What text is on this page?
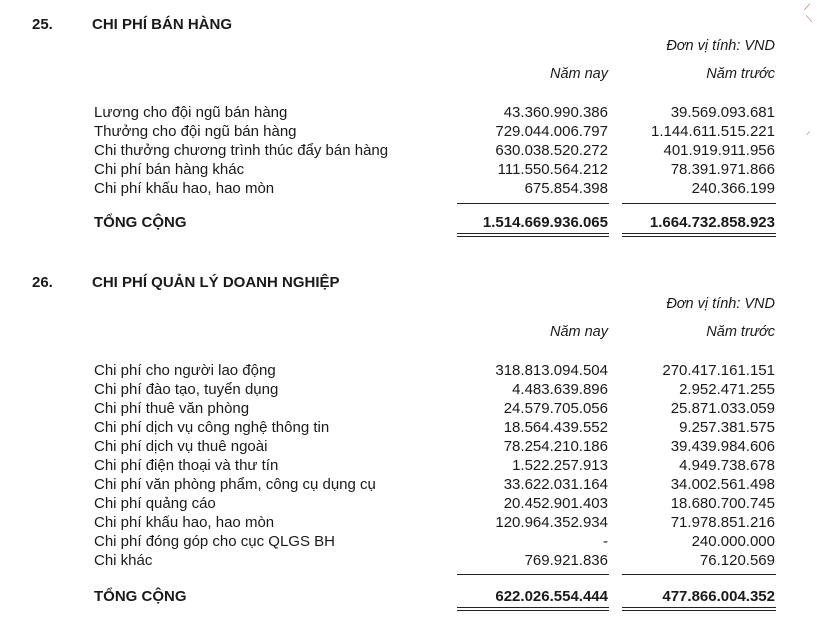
25.	CHI PHÍ BÁN HÀNG
Đơn vị tính: VND
Năm nay	Năm trước
Lương cho đội ngũ bán hàng	43.360.990.386	39.569.093.681
Thưởng cho đội ngũ bán hàng	729.044.006.797	1.144.611.515.221
Chi thưởng chương trình thúc đẩy bán hàng	630.038.520.272	401.919.911.956
Chi phí bán hàng khác	111.550.564.212	78.391.971.866
Chi phí khấu hao, hao mòn	675.854.398	240.366.199
TỔNG CỘNG	1.514.669.936.065	1.664.732.858.923
26.	CHI PHÍ QUẢN LÝ DOANH NGHIỆP
Đơn vị tính: VND
Năm nay	Năm trước
Chi phí cho người lao động	318.813.094.504	270.417.161.151
Chi phí đào tạo, tuyển dụng	4.483.639.896	2.952.471.255
Chi phí thuê văn phòng	24.579.705.056	25.871.033.059
Chi phí dịch vụ công nghệ thông tin	18.564.439.552	9.257.381.575
Chi phí dịch vụ thuê ngoài	78.254.210.186	39.439.984.606
Chi phí điện thoại và thư tín	1.522.257.913	4.949.738.678
Chi phí văn phòng phẩm, công cụ dụng cụ	33.622.031.164	34.002.561.498
Chi phí quảng cáo	20.452.901.403	18.680.700.745
Chi phí khấu hao, hao mòn	120.964.352.934	71.978.851.216
Chi phí đóng góp cho cục QLGS BH	-	240.000.000
Chi khác	769.921.836	76.120.569
TỔNG CỘNG	622.026.554.444	477.866.004.352
⟋
⟍
⸝
